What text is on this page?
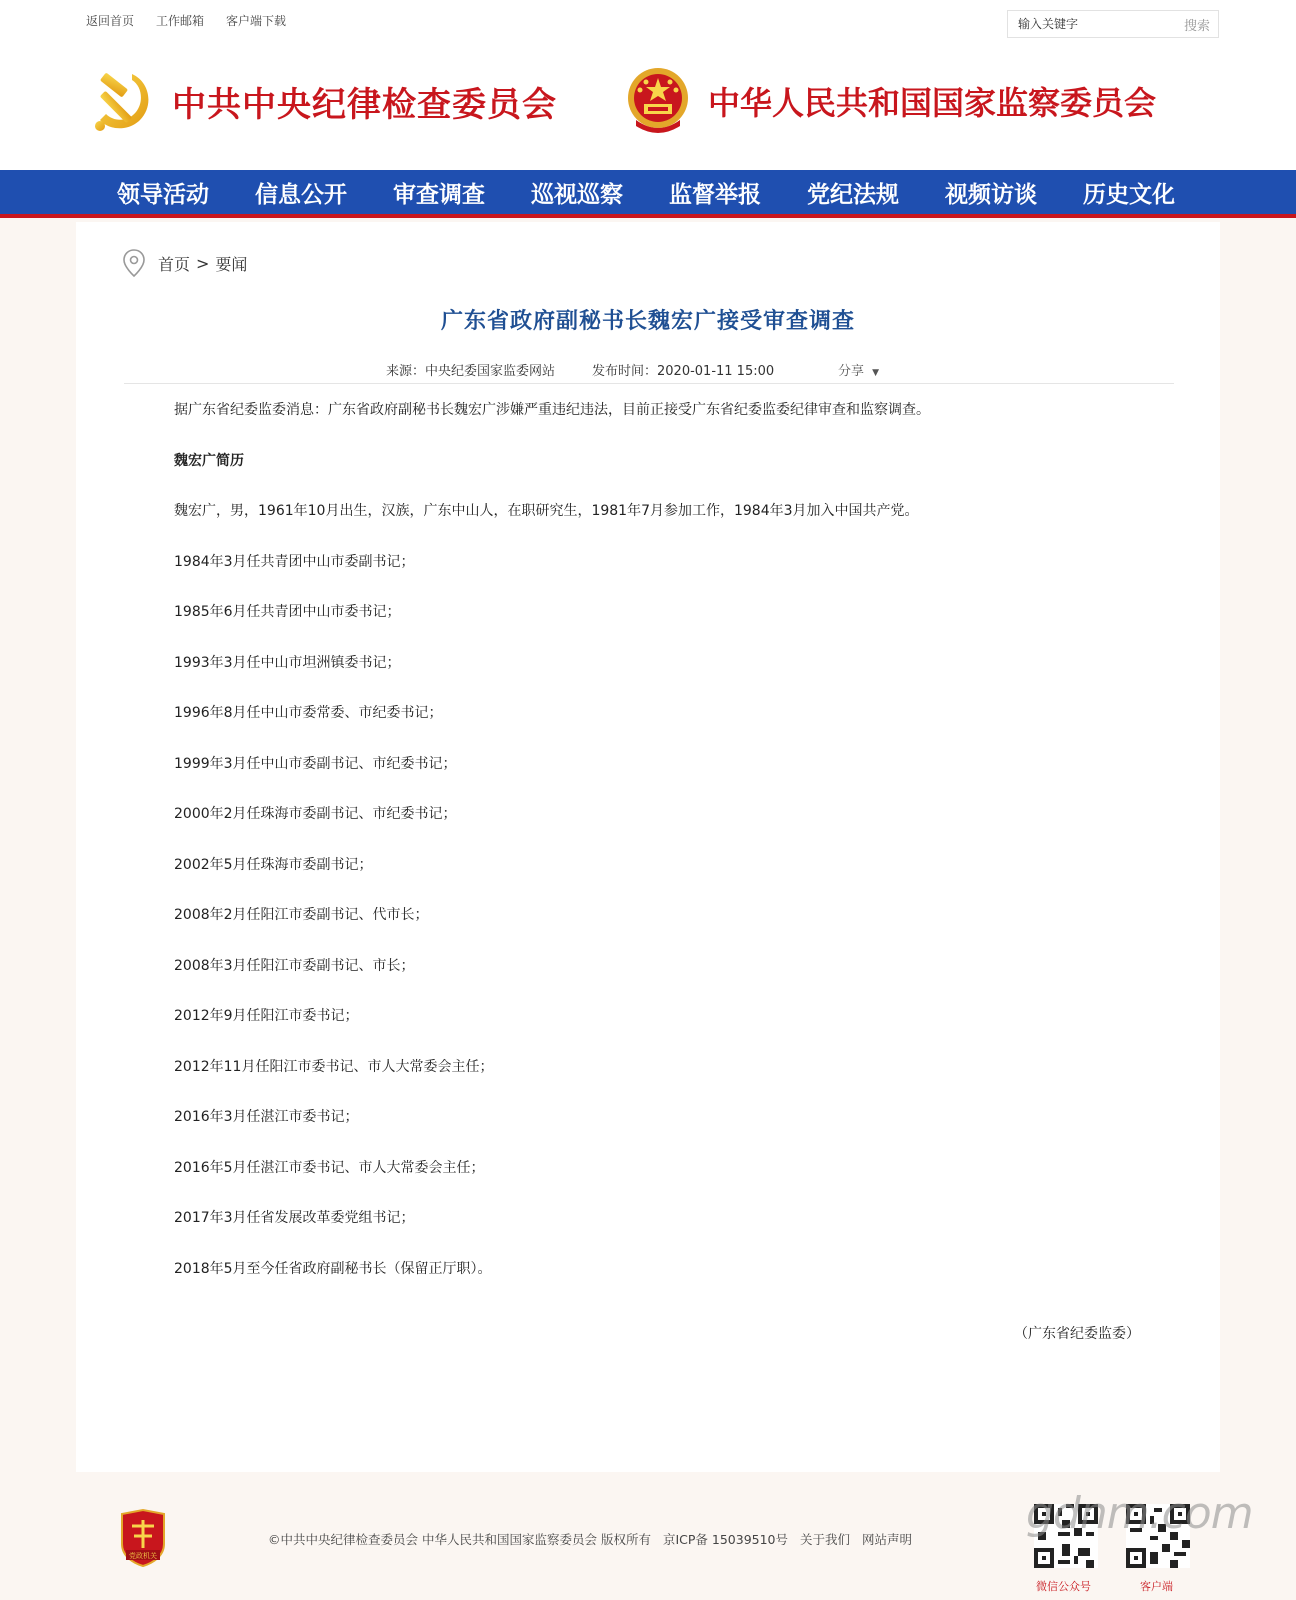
返回首页 工作邮箱 客户端下载
输入关键字	搜索
中共中央纪律检查委员会	中华人民共和国国家监察委员会
领导活动	信息公开	审查调查	巡视巡察	监督举报	党纪法规	视频访谈	历史文化
首页 > 要闻
广东省政府副秘书长魏宏广接受审查调查
来源：中央纪委国家监委网站	发布时间：2020-01-11 15:00	分享 ▼

据广东省纪委监委消息：广东省政府副秘书长魏宏广涉嫌严重违纪违法，目前正接受广东省纪委监委纪律审查和监察调查。

魏宏广简历

魏宏广，男，1961年10月出生，汉族，广东中山人，在职研究生，1981年7月参加工作，1984年3月加入中国共产党。

1984年3月任共青团中山市委副书记；

1985年6月任共青团中山市委书记；

1993年3月任中山市坦洲镇委书记；

1996年8月任中山市委常委、市纪委书记；

1999年3月任中山市委副书记、市纪委书记；

2000年2月任珠海市委副书记、市纪委书记；

2002年5月任珠海市委副书记；

2008年2月任阳江市委副书记、代市长；

2008年3月任阳江市委副书记、市长；

2012年9月任阳江市委书记；

2012年11月任阳江市委书记、市人大常委会主任；

2016年3月任湛江市委书记；

2016年5月任湛江市委书记、市人大常委会主任；

2017年3月任省发展改革委党组书记；

2018年5月至今任省政府副秘书长（保留正厅职）。

（广东省纪委监委）
党政机关
©中共中央纪律检查委员会 中华人民共和国国家监察委员会 版权所有 京ICP备 15039510号 关于我们 网站声明
微信公众号	客户端
gdnm.com
